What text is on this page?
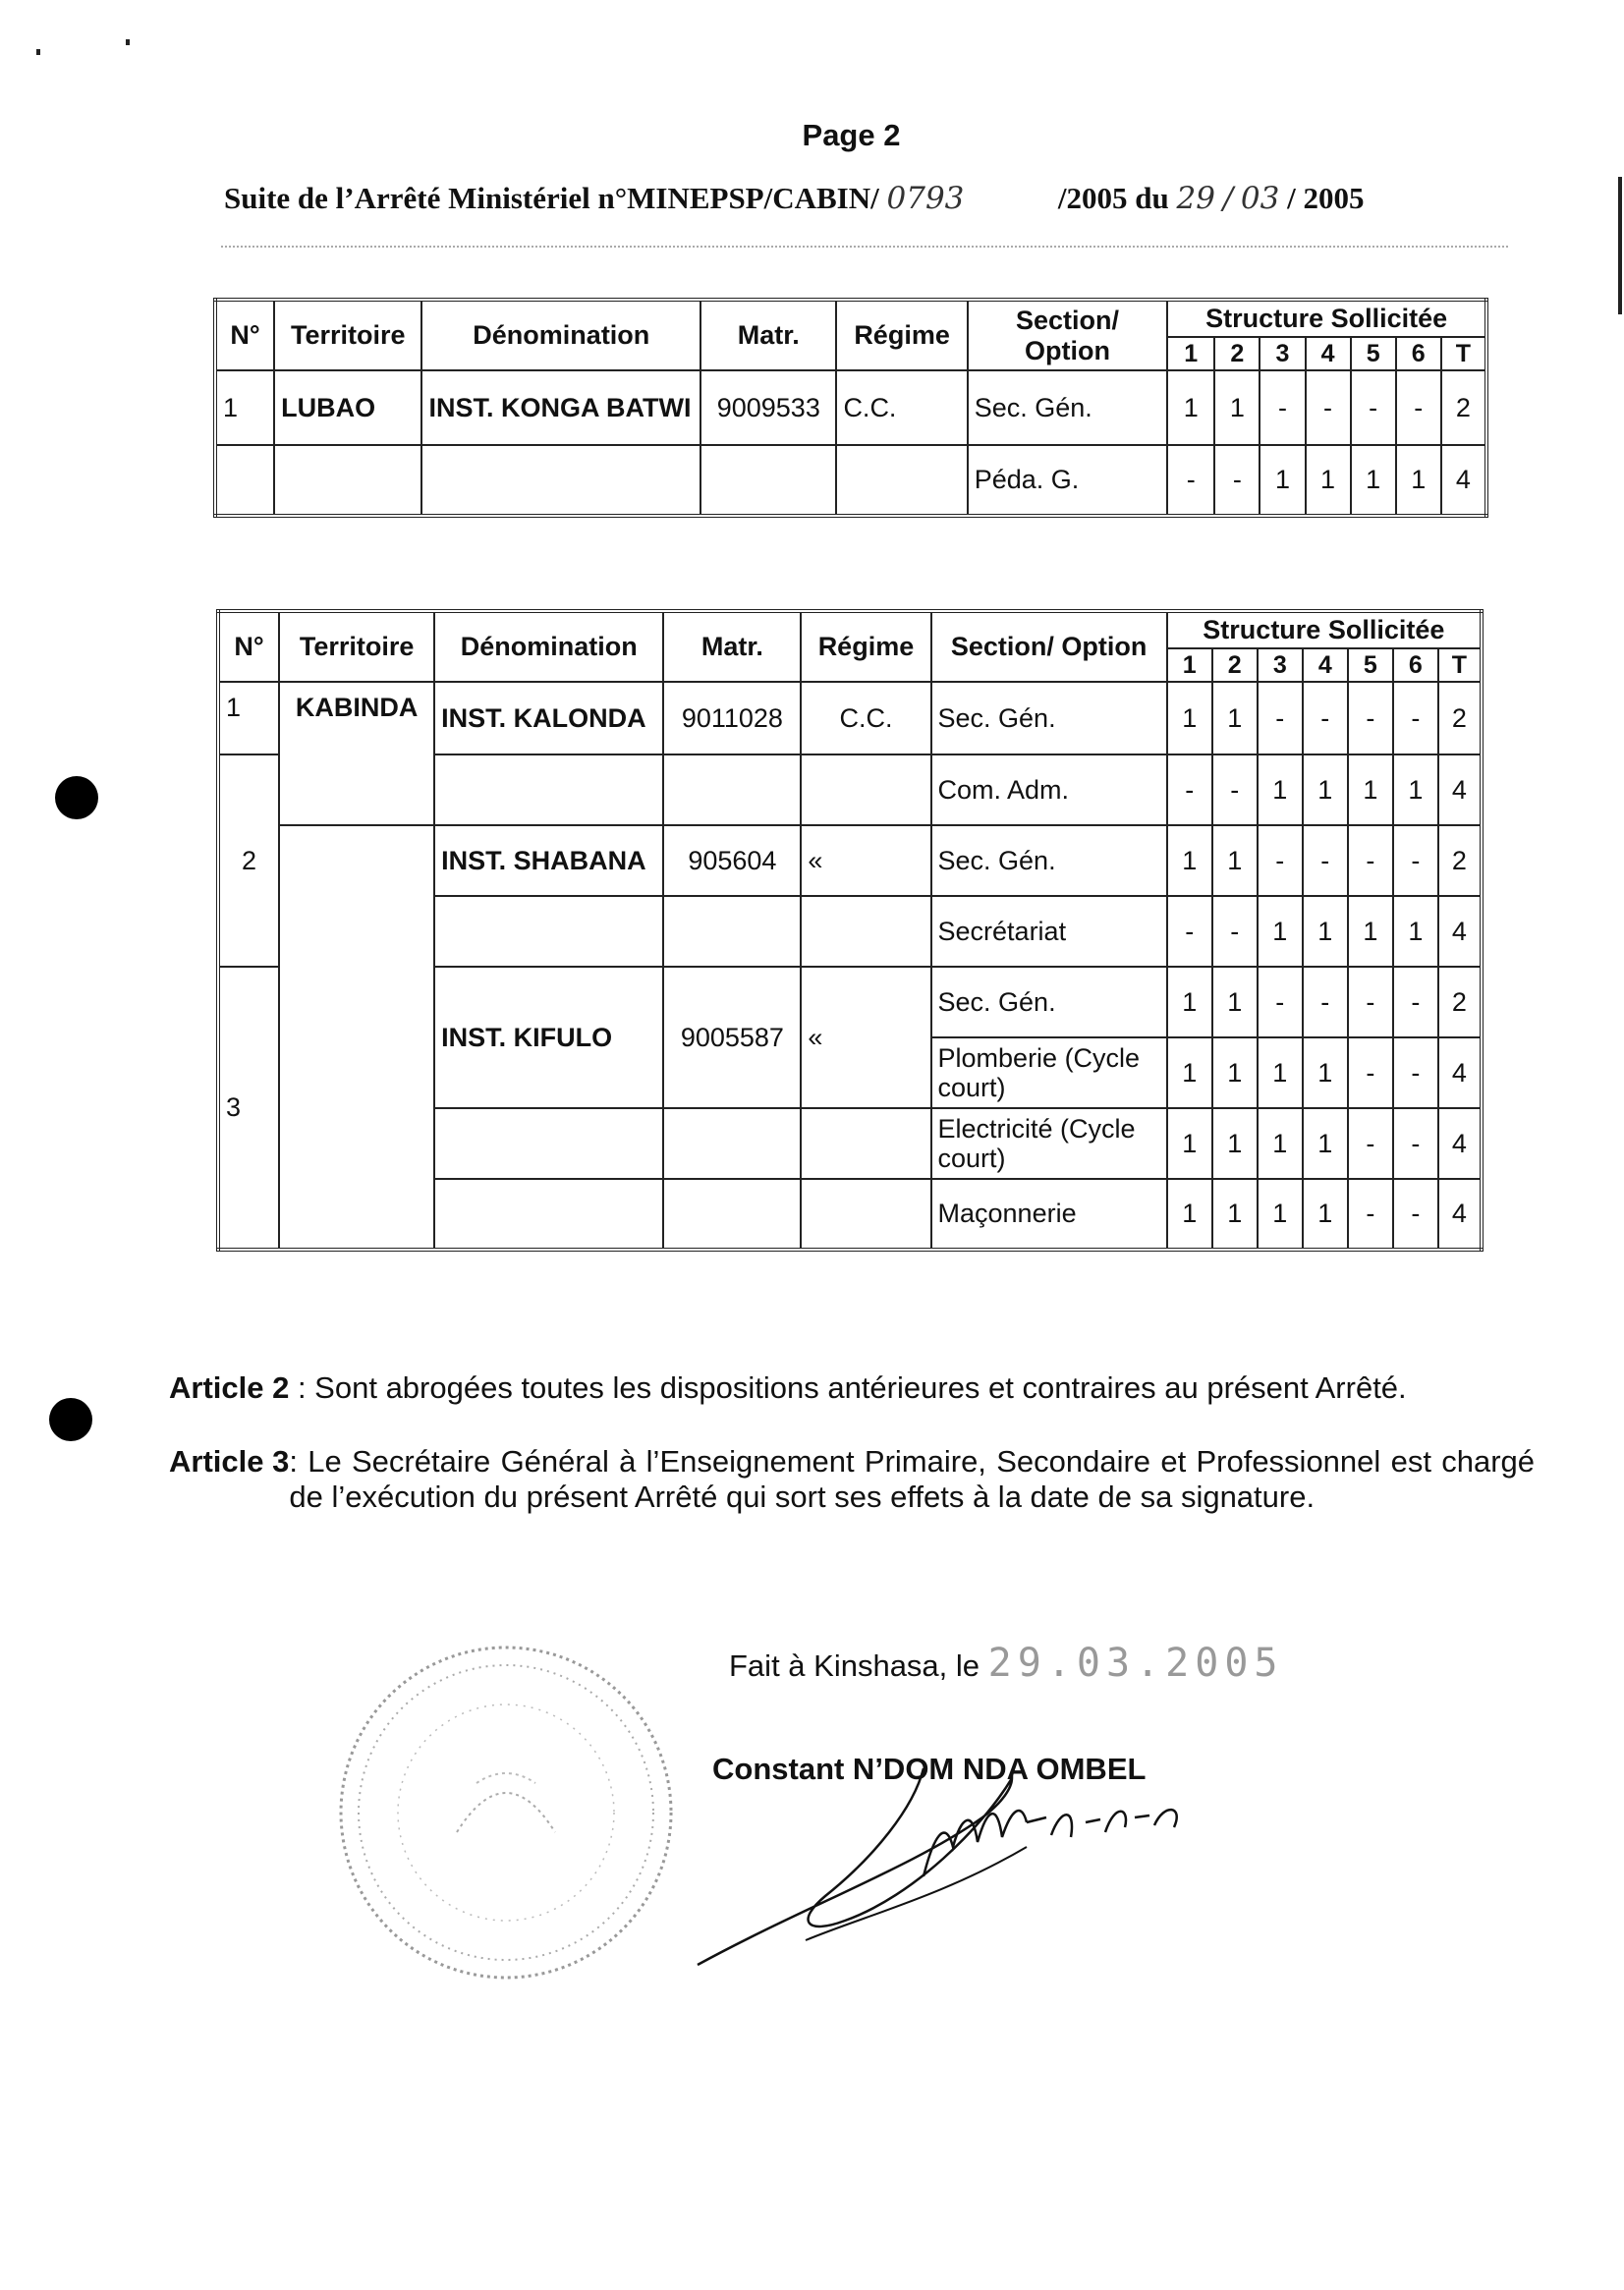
Page 2
Suite de l’Arrêté Ministériel n°MINEPSP/CABIN/ 0793	/2005 du 29 / 03 / 2005
N°	Territoire	Dénomination	Matr.	Régime	Section/ Option	Structure Sollicitée						
						1	2	3	4	5	6	T
1	LUBAO	INST. KONGA BATWI	9009533	C.C.	Sec. Gén.	1	1	-	-	-	-	2
					Péda. G.	-	-	1	1	1	1	4
N°	Territoire	Dénomination	Matr.	Régime	Section/ Option	Structure Sollicitée						
						1	2	3	4	5	6	T
1	KABINDA	INST. KALONDA	9011028	C.C.	Sec. Gén.	1	1	-	-	-	-	2
2					Com. Adm.	-	-	1	1	1	1	4
		INST. SHABANA	905604	«	Sec. Gén.	1	1	-	-	-	-	2
					Secrétariat	-	-	1	1	1	1	4
3		INST. KIFULO	9005587	«	Sec. Gén.	1	1	-	-	-	-	2
					Plomberie (Cycle court)	1	1	1	1	-	-	4
					Electricité (Cycle court)	1	1	1	1	-	-	4
					Maçonnerie	1	1	1	1	-	-	4
Article 2 : Sont abrogées toutes les dispositions antérieures et contraires au présent Arrêté.
Article 3 : Le Secrétaire Général à l’Enseignement Primaire, Secondaire et Professionnel est chargé de l’exécution du présent Arrêté qui sort ses effets à la date de sa signature.
Fait à Kinshasa, le 29.03.2005
Constant N’DOM NDA OMBEL
